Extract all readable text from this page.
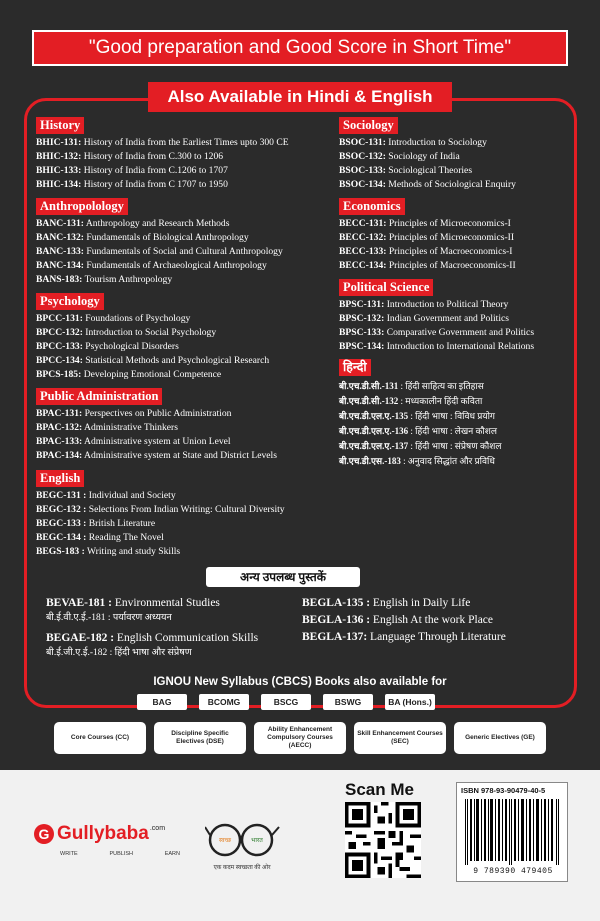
"Good preparation and Good Score in Short Time"
Also Available in Hindi & English
History
BHIC-131: History of India from the Earliest Times upto 300 CE
BHIC-132: History of India from C.300 to 1206
BHIC-133: History of India from C.1206 to 1707
BHIC-134: History of India from C 1707 to 1950
Anthropolology
BANC-131: Anthropology and Research Methods
BANC-132: Fundamentals of Biological Anthropology
BANC-133: Fundamentals of Social and Cultural Anthropology
BANC-134: Fundamentals of Archaeological Anthropology
BANS-183: Tourism Anthropology
Psychology
BPCC-131: Foundations of Psychology
BPCC-132: Introduction to Social Psychology
BPCC-133: Psychological Disorders
BPCC-134: Statistical Methods and Psychological Research
BPCS-185: Developing Emotional Competence
Public Administration
BPAC-131: Perspectives on Public Administration
BPAC-132: Administrative Thinkers
BPAC-133: Administrative system at Union Level
BPAC-134: Administrative system at State and District Levels
English
BEGC-131 : Individual and Society
BEGC-132 : Selections From Indian Writing: Cultural Diversity
BEGC-133 : British Literature
BEGC-134 : Reading The Novel
BEGS-183 : Writing and study Skills
Sociology
BSOC-131: Introduction to Sociology
BSOC-132: Sociology of India
BSOC-133: Sociological Theories
BSOC-134: Methods of Sociological Enquiry
Economics
BECC-131: Principles of Microeconomics-I
BECC-132: Principles of Microeconomics-II
BECC-133: Principles of Macroeconomics-I
BECC-134: Principles of Macroeconomics-II
Political Science
BPSC-131: Introduction to Political Theory
BPSC-132: Indian Government and Politics
BPSC-133: Comparative Government and Politics
BPSC-134: Introduction to International Relations
हिन्दी
बी.एच.डी.सी.-131 : हिंदी साहित्य का इतिहास
बी.एच.डी.सी.-132 : मध्यकालीन हिंदी कविता
बी.एच.डी.एल.ए.-135 : हिंदी भाषा : विविध प्रयोग
बी.एच.डी.एल.ए.-136 : हिंदी भाषा : लेखन कौशल
बी.एच.डी.एल.ए.-137 : हिंदी भाषा : संप्रेषण कौशल
बी.एच.डी.एस.-183 : अनुवाद सिद्धांत और प्रविधि
अन्य उपलब्ध पुस्तकें
BEVAE-181 : Environmental Studies
बी.ई.वी.ए.ई.-181 : पर्यावरण अध्ययन
BEGAE-182 : English Communication Skills
बी.ई.जी.ए.ई.-182 : हिंदी भाषा और संप्रेषण
BEGLA-135 : English in Daily Life
BEGLA-136 : English At the work Place
BEGLA-137: Language Through Literature
IGNOU New Syllabus (CBCS) Books also available for
BAG	BCOMG	BSCG	BSWG	BA (Hons.)
Core Courses (CC)
Discipline Specific Electives (DSE)
Ability Enhancement Compulsory Courses (AECC)
Skill Enhancement Courses (SEC)
Generic Electives (GE)
G Gullybaba .com
WRITE	PUBLISH	EARN
स्वच्छ	भारत
एक कदम स्वच्छता की ओर
Scan Me	ISBN 978-93-90479-40-5
9 789390 479405
